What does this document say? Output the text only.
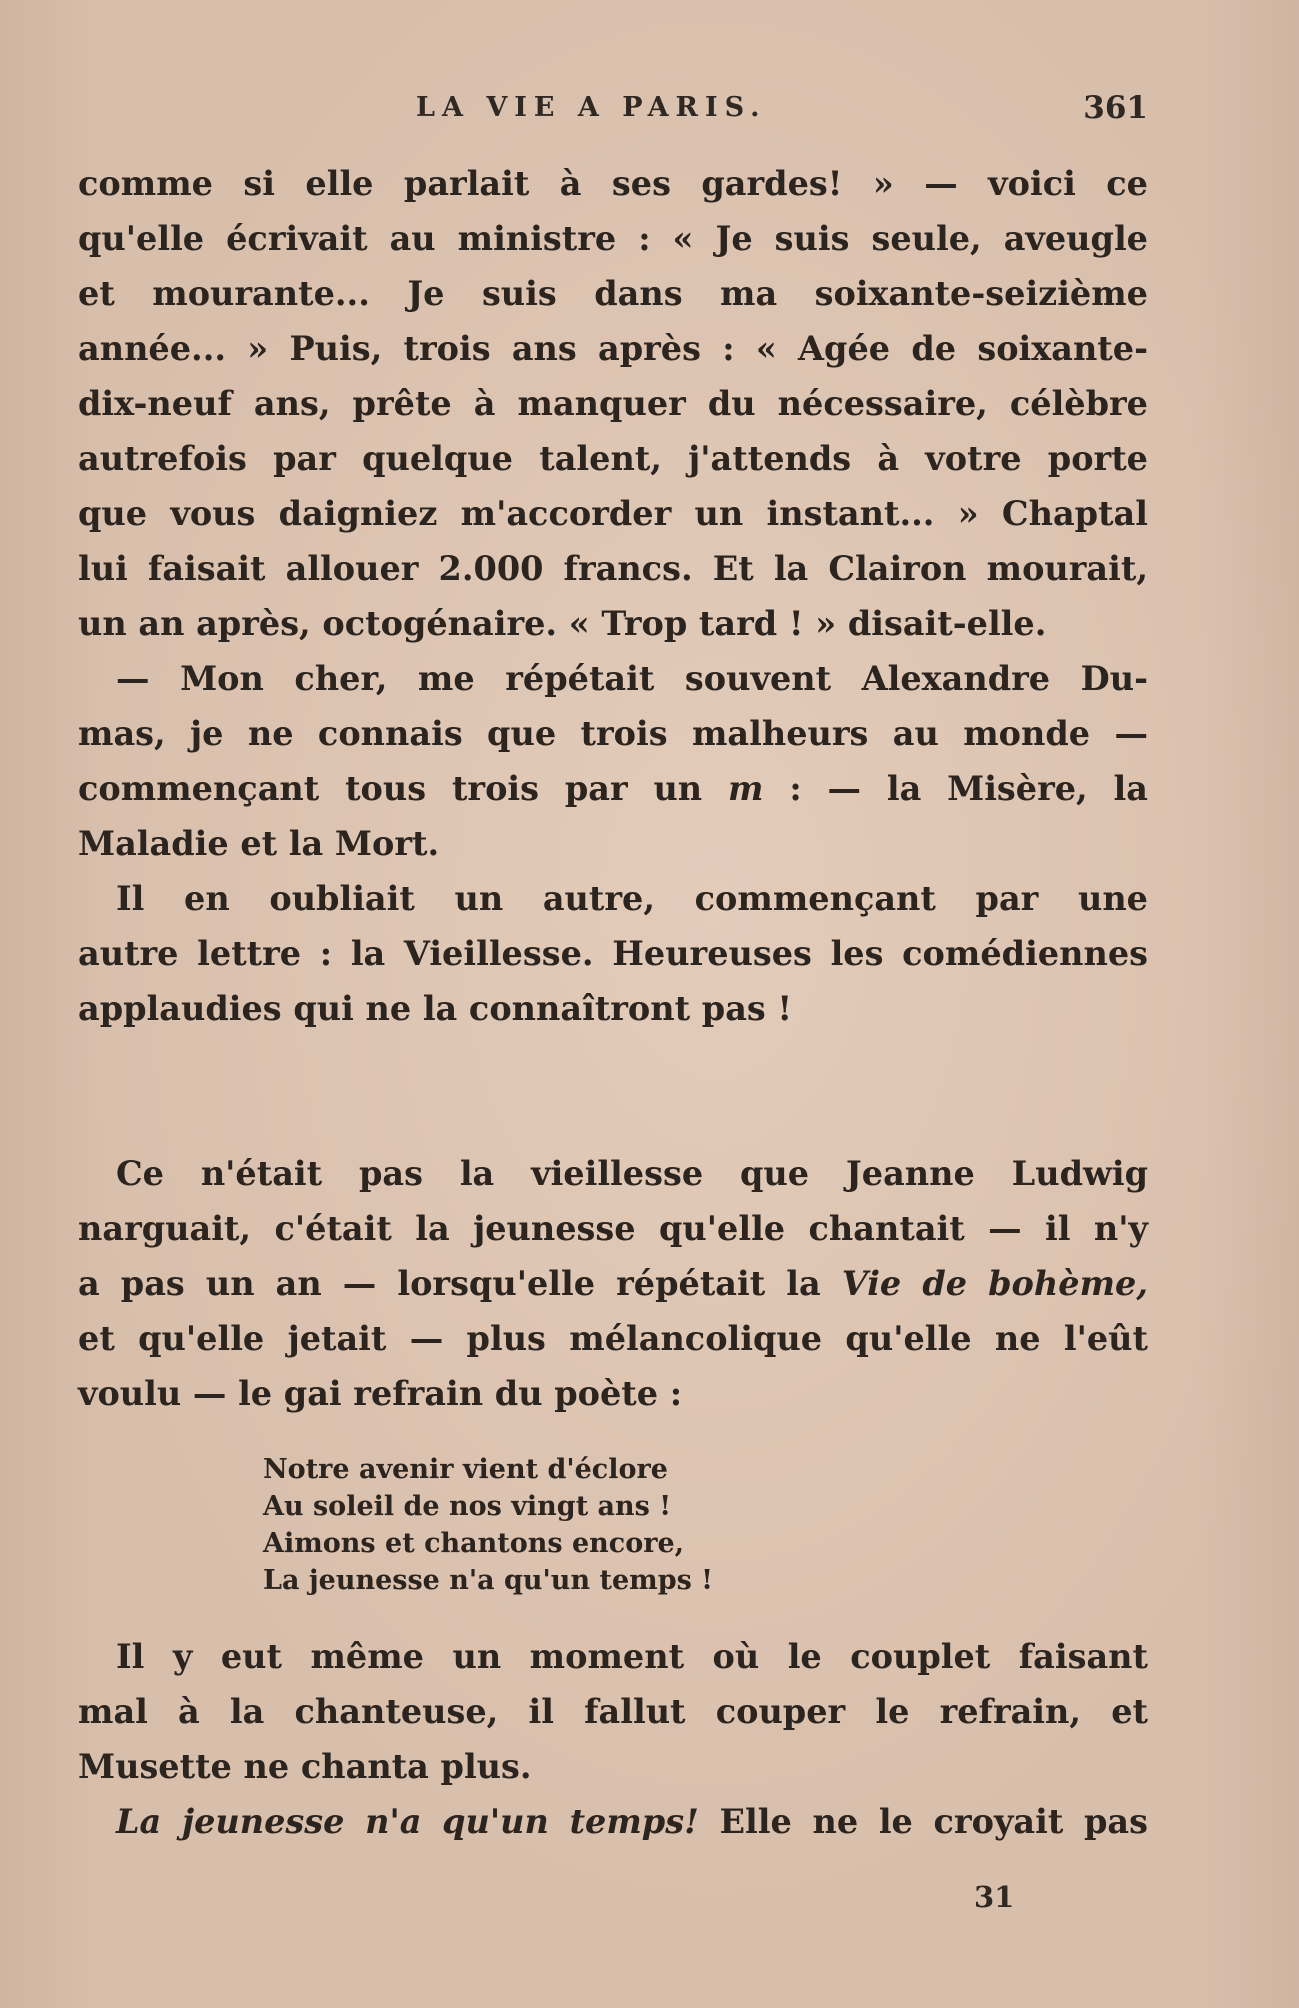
LA VIE A PARIS.	361
comme si elle parlait à ses gardes! » — voici ce
qu'elle écrivait au ministre : « Je suis seule, aveugle
et mourante... Je suis dans ma soixante-seizième
année... » Puis, trois ans après : « Agée de soixante-
dix-neuf ans, prête à manquer du nécessaire, célèbre
autrefois par quelque talent, j'attends à votre porte
que vous daigniez m'accorder un instant... » Chaptal
lui faisait allouer 2.000 francs. Et la Clairon mourait,
un an après, octogénaire. « Trop tard ! » disait-elle.
— Mon cher, me répétait souvent Alexandre Du-
mas, je ne connais que trois malheurs au monde —
commençant tous trois par un m : — la Misère, la
Maladie et la Mort.
Il en oubliait un autre, commençant par une
autre lettre : la Vieillesse. Heureuses les comédiennes
applaudies qui ne la connaîtront pas !
Ce n'était pas la vieillesse que Jeanne Ludwig
narguait, c'était la jeunesse qu'elle chantait — il n'y
a pas un an — lorsqu'elle répétait la Vie de bohème,
et qu'elle jetait — plus mélancolique qu'elle ne l'eût
voulu — le gai refrain du poète :
Notre avenir vient d'éclore
Au soleil de nos vingt ans !
Aimons et chantons encore,
La jeunesse n'a qu'un temps !
Il y eut même un moment où le couplet faisant
mal à la chanteuse, il fallut couper le refrain, et
Musette ne chanta plus.
La jeunesse n'a qu'un temps! Elle ne le croyait pas
31
